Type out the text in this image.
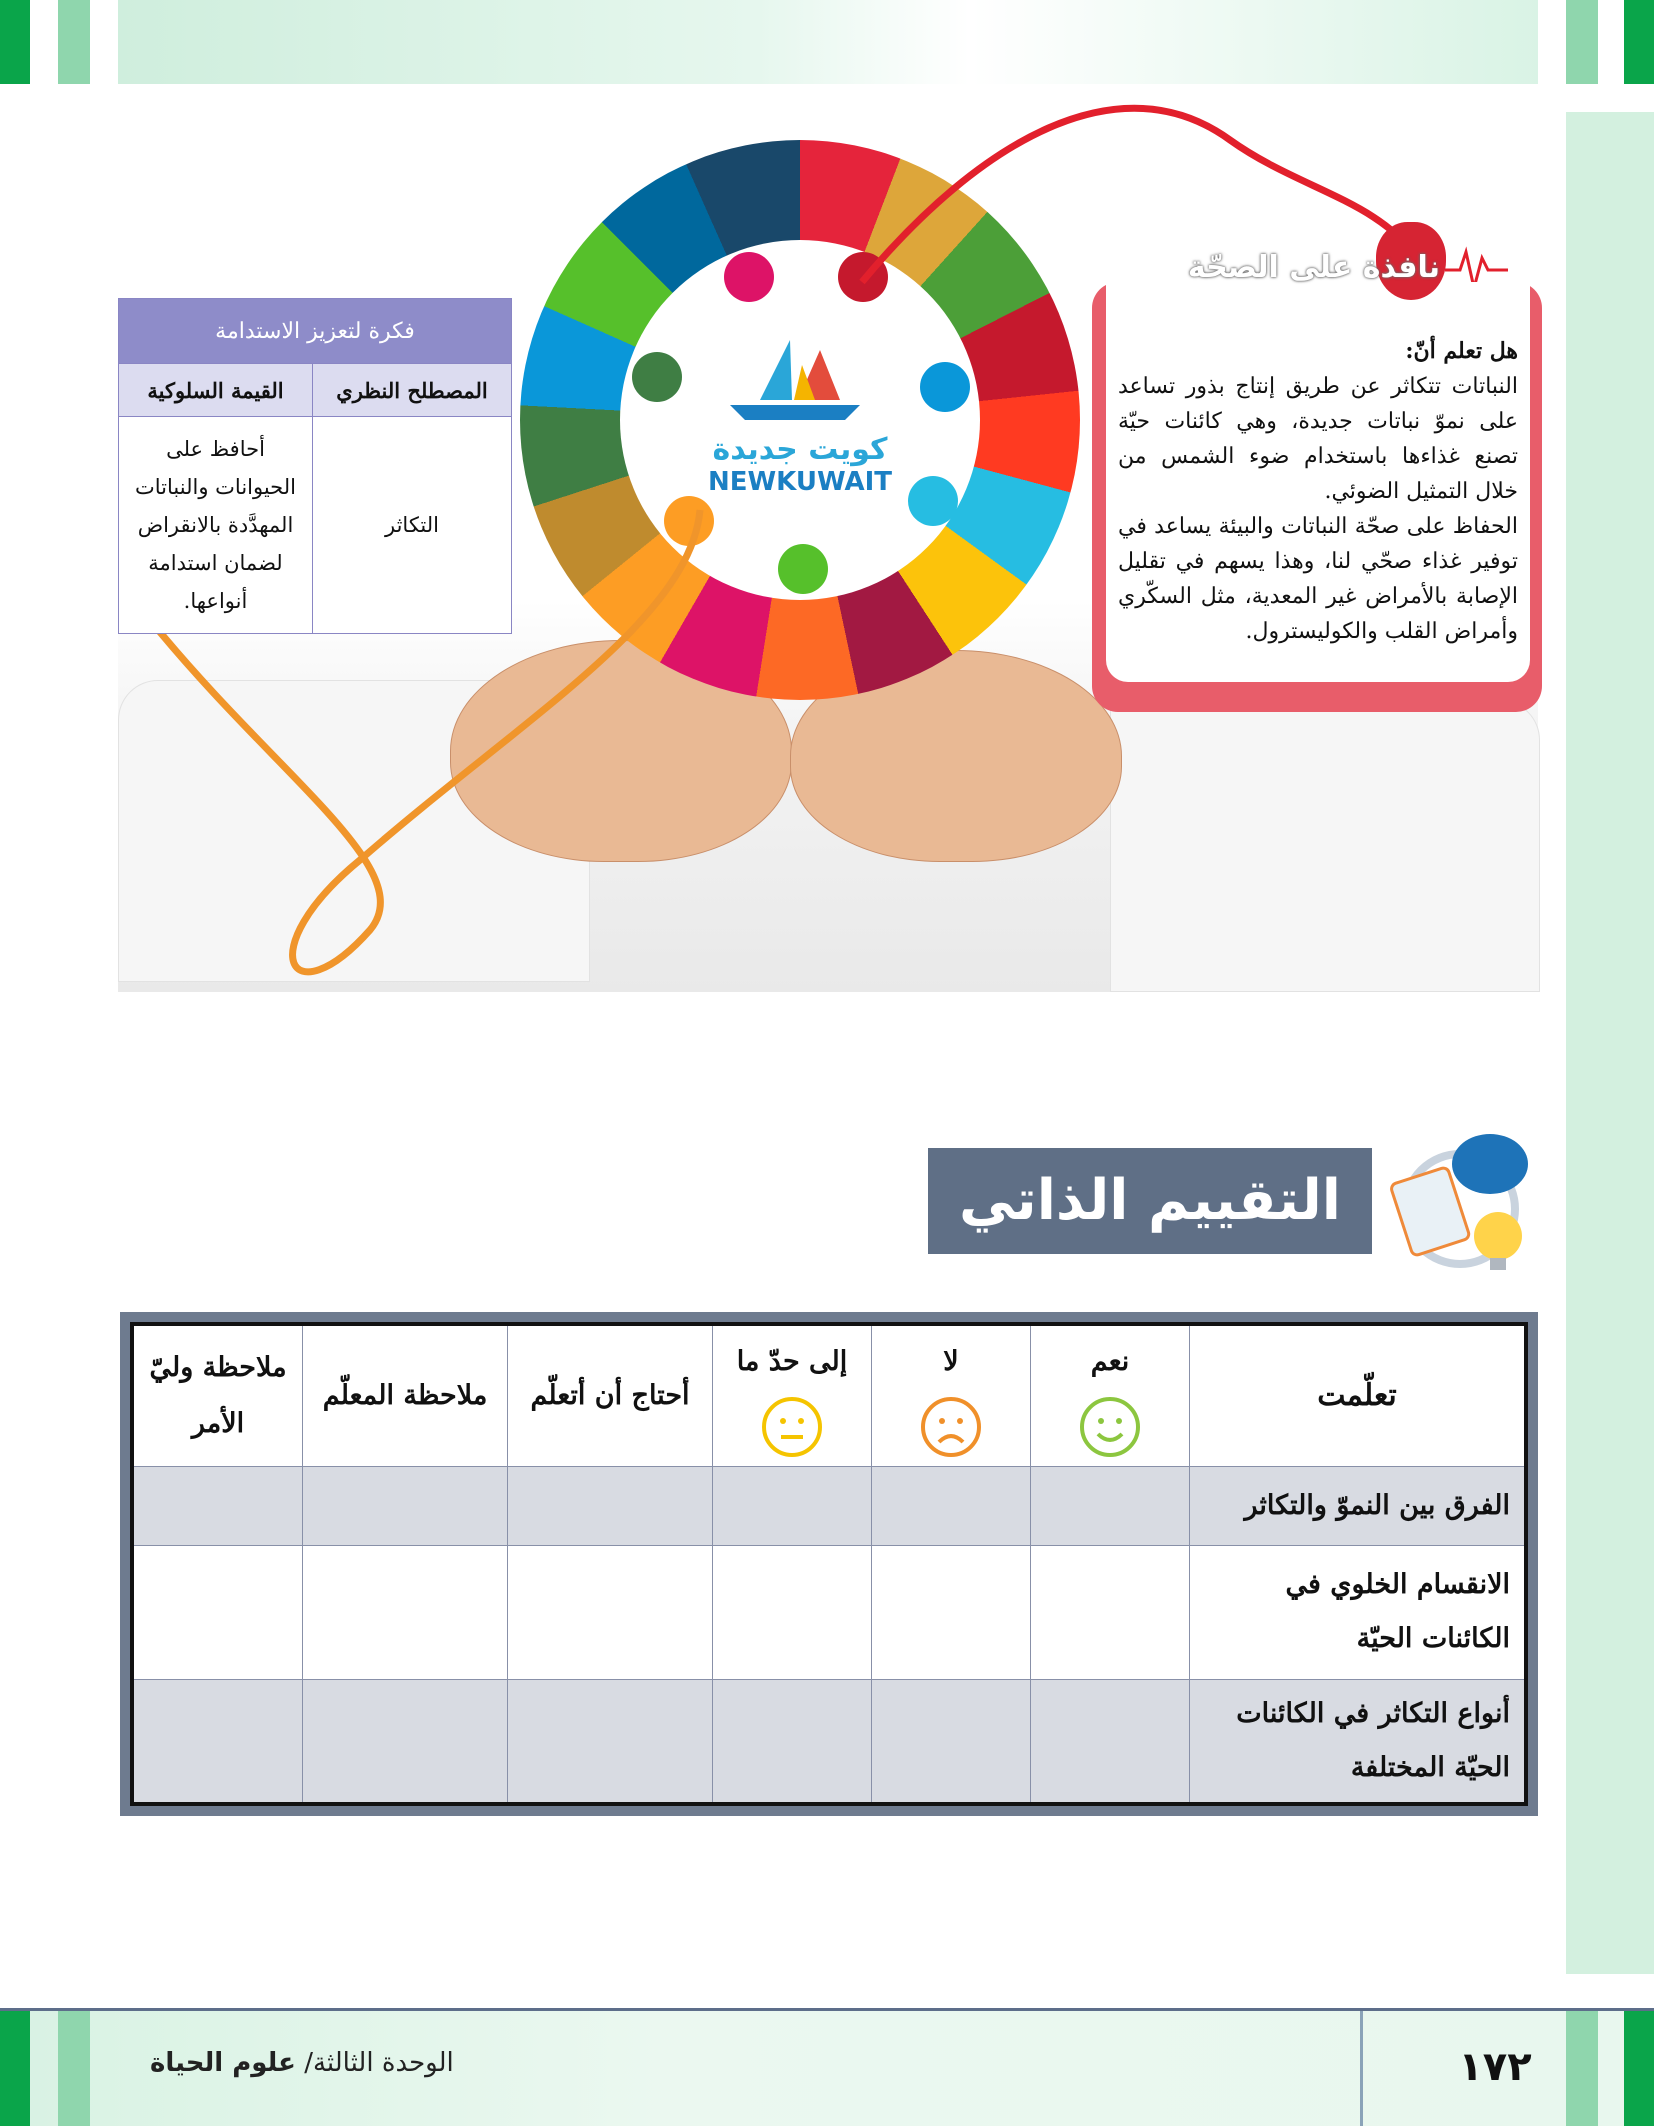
كويت جديدة
NEWKUWAIT
نافذة على الصحّة
هل تعلم أنّ:
النباتات تتكاثر عن طريق إنتاج بذور تساعد على نموّ نباتات جديدة، وهي كائنات حيّة تصنع غذاءها باستخدام ضوء الشمس من خلال التمثيل الضوئي.
الحفاظ على صحّة النباتات والبيئة يساعد في توفير غذاء صحّي لنا، وهذا يسهم في تقليل الإصابة بالأمراض غير المعدية، مثل السكّري وأمراض القلب والكوليسترول.
فكرة لتعزيز الاستدامة	
المصطلح النظري	القيمة السلوكية
التكاثر	أحافظ على الحيوانات والنباتات المهدَّدة بالانقراض لضمان استدامة أنواعها.
التقييم الذاتي
تعلّمت	نعم	لا	إلى حدّ ما	أحتاج أن أتعلّم	ملاحظة المعلّم	ملاحظة وليّ الأمر
الفرق بين النموّ والتكاثر						
الانقسام الخلوي في الكائنات الحيّة						
أنواع التكاثر في الكائنات الحيّة المختلفة						
الوحدة الثالثة/ علوم الحياة	١٧٢
